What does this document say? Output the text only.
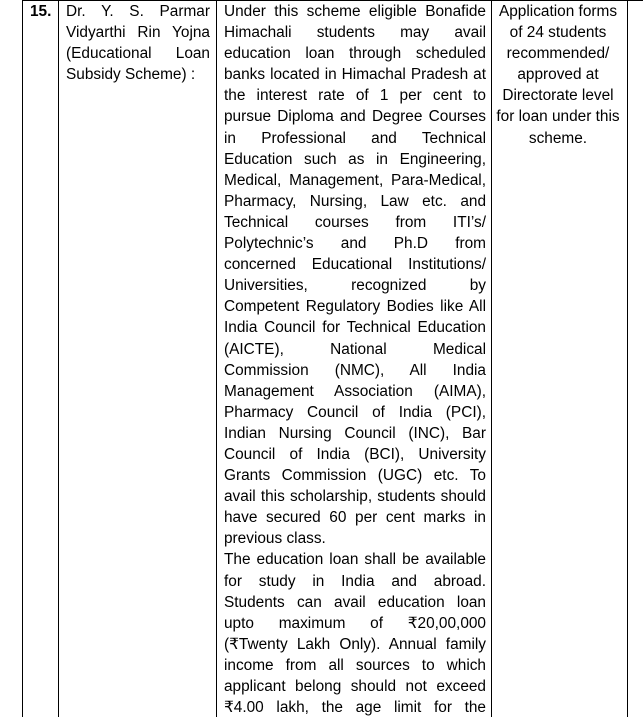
15. Dr. Y. S. Parmar Vidyarthi Rin Yojna (Educational Loan Subsidy Scheme) :

Under this scheme eligible Bonafide Himachali students may avail education loan through scheduled banks located in Himachal Pradesh at the interest rate of 1 per cent to pursue Diploma and Degree Courses in Professional and Technical Education such as in Engineering, Medical, Management, Para-Medical, Pharmacy, Nursing, Law etc. and Technical courses from ITI’s/ Polytechnic’s and Ph.D from concerned Educational Institutions/ Universities, recognized by Competent Regulatory Bodies like All India Council for Technical Education (AICTE), National Medical Commission (NMC), All India Management Association (AIMA), Pharmacy Council of India (PCI), Indian Nursing Council (INC), Bar Council of India (BCI), University Grants Commission (UGC) etc. To avail this scholarship, students should have secured 60 per cent marks in previous class.

The education loan shall be available for study in India and abroad. Students can avail education loan upto maximum of ₹20,00,000 (₹Twenty Lakh Only). Annual family income from all sources to which applicant belong should not exceed ₹4.00 lakh, the age limit for the

Application forms of 24 students recommended/ approved at Directorate level for loan under this scheme.
